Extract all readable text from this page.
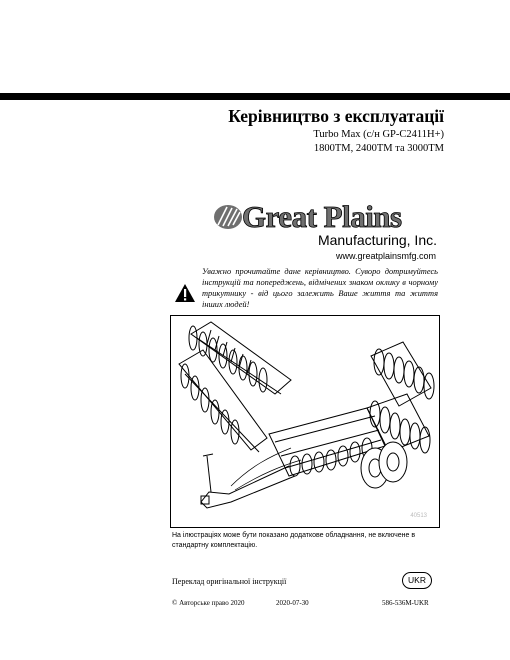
Керівництво з експлуатації
Turbo Max (с/н GP-C2411H+)
1800TM, 2400TM та 3000TM
Great Plains
Manufacturing, Inc.
www.greatplainsmfg.com
Уважно прочитайте дане керівництво. Суворо дотримуйтесь інструкцій та попереджень, відмічених знаком оклику в чорному трикутнику - від цього залежить Ваше життя та життя інших людей!
40513
На ілюстраціях може бути показано додаткове обладнання, не включене в стандартну комплектацію.
Переклад оригінальної інструкції	UKR
© Авторське право 2020	2020-07-30	586-536M-UKR
